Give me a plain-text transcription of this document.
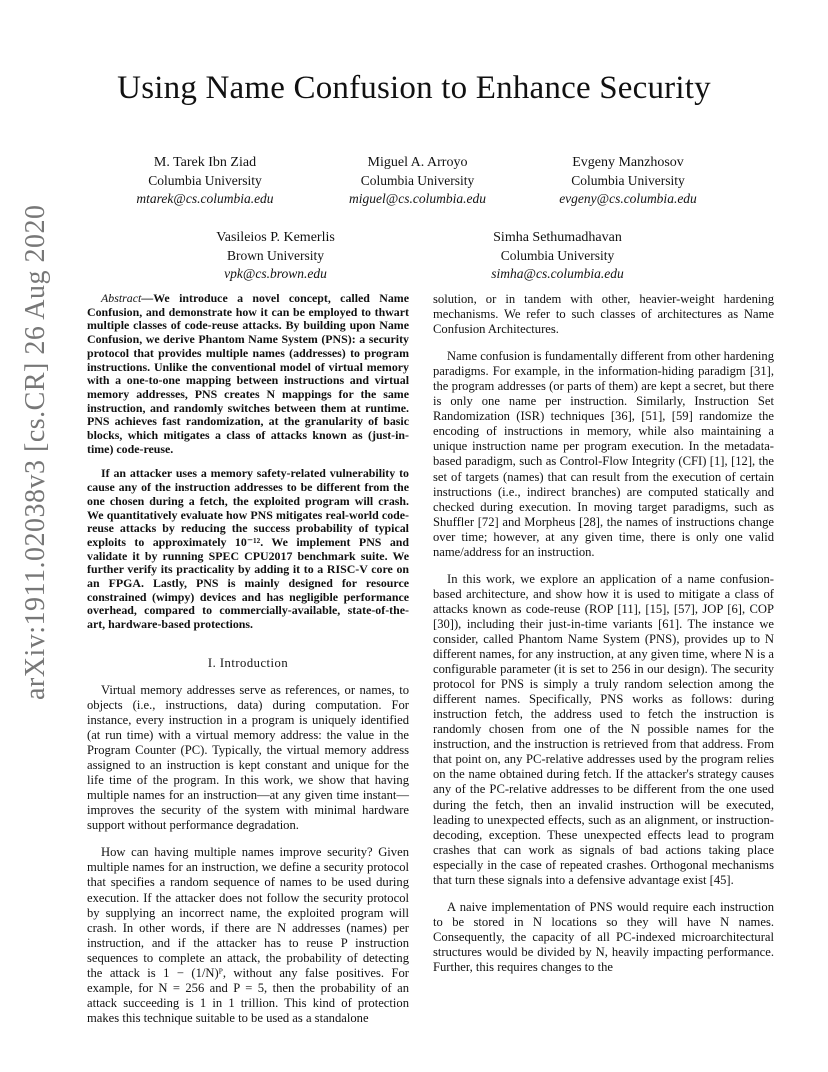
Using Name Confusion to Enhance Security
arXiv:1911.02038v3 [cs.CR] 26 Aug 2020
M. Tarek Ibn Ziad
Columbia University
mtarek@cs.columbia.edu
Miguel A. Arroyo
Columbia University
miguel@cs.columbia.edu
Evgeny Manzhosov
Columbia University
evgeny@cs.columbia.edu
Vasileios P. Kemerlis
Brown University
vpk@cs.brown.edu
Simha Sethumadhavan
Columbia University
simha@cs.columbia.edu

Abstract—We introduce a novel concept, called Name Confusion, and demonstrate how it can be employed to thwart multiple classes of code-reuse attacks. By building upon Name Confusion, we derive Phantom Name System (PNS): a security protocol that provides multiple names (addresses) to program instructions. Unlike the conventional model of virtual memory with a one-to-one mapping between instructions and virtual memory addresses, PNS creates N mappings for the same instruction, and randomly switches between them at runtime. PNS achieves fast randomization, at the granularity of basic blocks, which mitigates a class of attacks known as (just-in-time) code-reuse.

If an attacker uses a memory safety-related vulnerability to cause any of the instruction addresses to be different from the one chosen during a fetch, the exploited program will crash. We quantitatively evaluate how PNS mitigates real-world code-reuse attacks by reducing the success probability of typical exploits to approximately 10⁻¹². We implement PNS and validate it by running SPEC CPU2017 benchmark suite. We further verify its practicality by adding it to a RISC-V core on an FPGA. Lastly, PNS is mainly designed for resource constrained (wimpy) devices and has negligible performance overhead, compared to commercially-available, state-of-the-art, hardware-based protections.

I. Introduction

Virtual memory addresses serve as references, or names, to objects (i.e., instructions, data) during computation. For instance, every instruction in a program is uniquely identified (at run time) with a virtual memory address: the value in the Program Counter (PC). Typically, the virtual memory address assigned to an instruction is kept constant and unique for the life time of the program. In this work, we show that having multiple names for an instruction—at any given time instant—improves the security of the system with minimal hardware support without performance degradation.

How can having multiple names improve security? Given multiple names for an instruction, we define a security protocol that specifies a random sequence of names to be used during execution. If the attacker does not follow the security protocol by supplying an incorrect name, the exploited program will crash. In other words, if there are N addresses (names) per instruction, and if the attacker has to reuse P instruction sequences to complete an attack, the probability of detecting the attack is 1 − (1/N)ᴾ, without any false positives. For example, for N = 256 and P = 5, then the probability of an attack succeeding is 1 in 1 trillion. This kind of protection makes this technique suitable to be used as a standalone

solution, or in tandem with other, heavier-weight hardening mechanisms. We refer to such classes of architectures as Name Confusion Architectures.

Name confusion is fundamentally different from other hardening paradigms. For example, in the information-hiding paradigm [31], the program addresses (or parts of them) are kept a secret, but there is only one name per instruction. Similarly, Instruction Set Randomization (ISR) techniques [36], [51], [59] randomize the encoding of instructions in memory, while also maintaining a unique instruction name per program execution. In the metadata-based paradigm, such as Control-Flow Integrity (CFI) [1], [12], the set of targets (names) that can result from the execution of certain instructions (i.e., indirect branches) are computed statically and checked during execution. In moving target paradigms, such as Shuffler [72] and Morpheus [28], the names of instructions change over time; however, at any given time, there is only one valid name/address for an instruction.

In this work, we explore an application of a name confusion-based architecture, and show how it is used to mitigate a class of attacks known as code-reuse (ROP [11], [15], [57], JOP [6], COP [30]), including their just-in-time variants [61]. The instance we consider, called Phantom Name System (PNS), provides up to N different names, for any instruction, at any given time, where N is a configurable parameter (it is set to 256 in our design). The security protocol for PNS is simply a truly random selection among the different names. Specifically, PNS works as follows: during instruction fetch, the address used to fetch the instruction is randomly chosen from one of the N possible names for the instruction, and the instruction is retrieved from that address. From that point on, any PC-relative addresses used by the program relies on the name obtained during fetch. If the attacker's strategy causes any of the PC-relative addresses to be different from the one used during the fetch, then an invalid instruction will be executed, leading to unexpected effects, such as an alignment, or instruction-decoding, exception. These unexpected effects lead to program crashes that can work as signals of bad actions taking place especially in the case of repeated crashes. Orthogonal mechanisms that turn these signals into a defensive advantage exist [45].

A naive implementation of PNS would require each instruction to be stored in N locations so they will have N names. Consequently, the capacity of all PC-indexed microarchitectural structures would be divided by N, heavily impacting performance. Further, this requires changes to the
